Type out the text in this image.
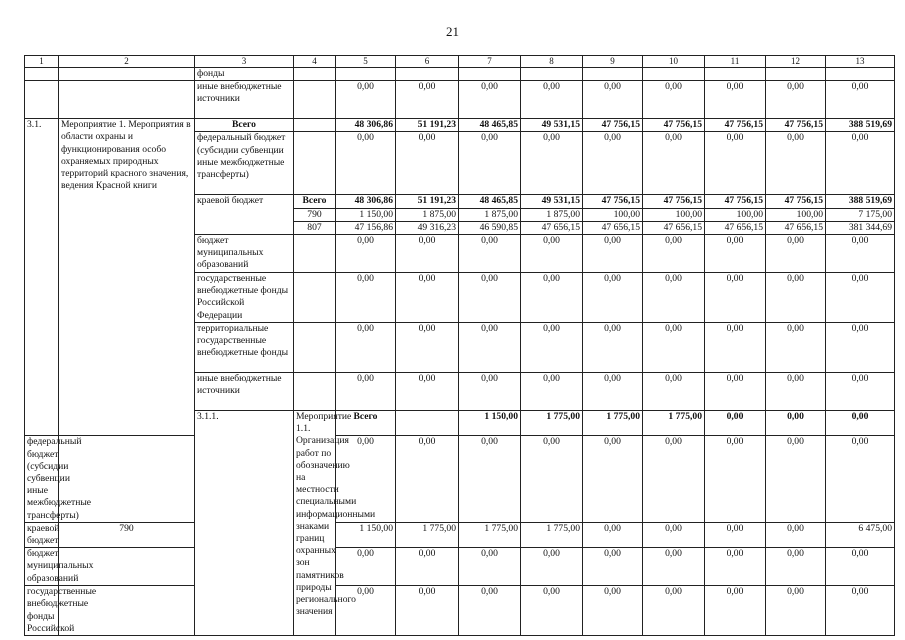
21
1	2	3	4	5	6	7	8	9	10	11	12	13	
		фонды											
		иные внебюджетные источники		0,00	0,00	0,00	0,00	0,00	0,00	0,00	0,00	0,00	
3.1.	Мероприятие 1. Мероприятия в области охраны и функционирования особо охраняемых природных территорий красного значения, ведения Красной книги	Всего		48 306,86	51 191,23	48 465,85	49 531,15	47 756,15	47 756,15	47 756,15	47 756,15	388 519,69	
		федеральный бюджет (субсидии субвенции иные межбюджетные трансферты)		0,00	0,00	0,00	0,00	0,00	0,00	0,00	0,00	0,00	
		краевой бюджет	Всего	48 306,86	51 191,23	48 465,85	49 531,15	47 756,15	47 756,15	47 756,15	47 756,15	388 519,69	
			790	1 150,00	1 875,00	1 875,00	1 875,00	100,00	100,00	100,00	100,00	7 175,00	
			807	47 156,86	49 316,23	46 590,85	47 656,15	47 656,15	47 656,15	47 656,15	47 656,15	381 344,69	
		бюджет муниципальных образований		0,00	0,00	0,00	0,00	0,00	0,00	0,00	0,00	0,00	
		государственные внебюджетные фонды Российской Федерации		0,00	0,00	0,00	0,00	0,00	0,00	0,00	0,00	0,00	
		территориальные государственные внебюджетные фонды		0,00	0,00	0,00	0,00	0,00	0,00	0,00	0,00	0,00	
		иные внебюджетные источники		0,00	0,00	0,00	0,00	0,00	0,00	0,00	0,00	0,00	
		3.1.1.	Мероприятие 1.1. Организация работ по обозначению на местности специальными информационными знаками границ охранных зон памятников природы регионального значения	Всего		1 150,00	1 775,00	1 775,00	1 775,00	0,00	0,00	0,00		
федеральный бюджет (субсидии субвенции иные межбюджетные трансферты)				0,00	0,00	0,00	0,00	0,00	0,00	0,00	0,00	0,00	
краевой бюджет	790			1 150,00	1 775,00	1 775,00	1 775,00	0,00	0,00	0,00	0,00	6 475,00	
бюджет муниципальных образований				0,00	0,00	0,00	0,00	0,00	0,00	0,00	0,00	0,00	
государственные внебюджетные фонды Российской				0,00	0,00	0,00	0,00	0,00	0,00	0,00	0,00	0,00	
